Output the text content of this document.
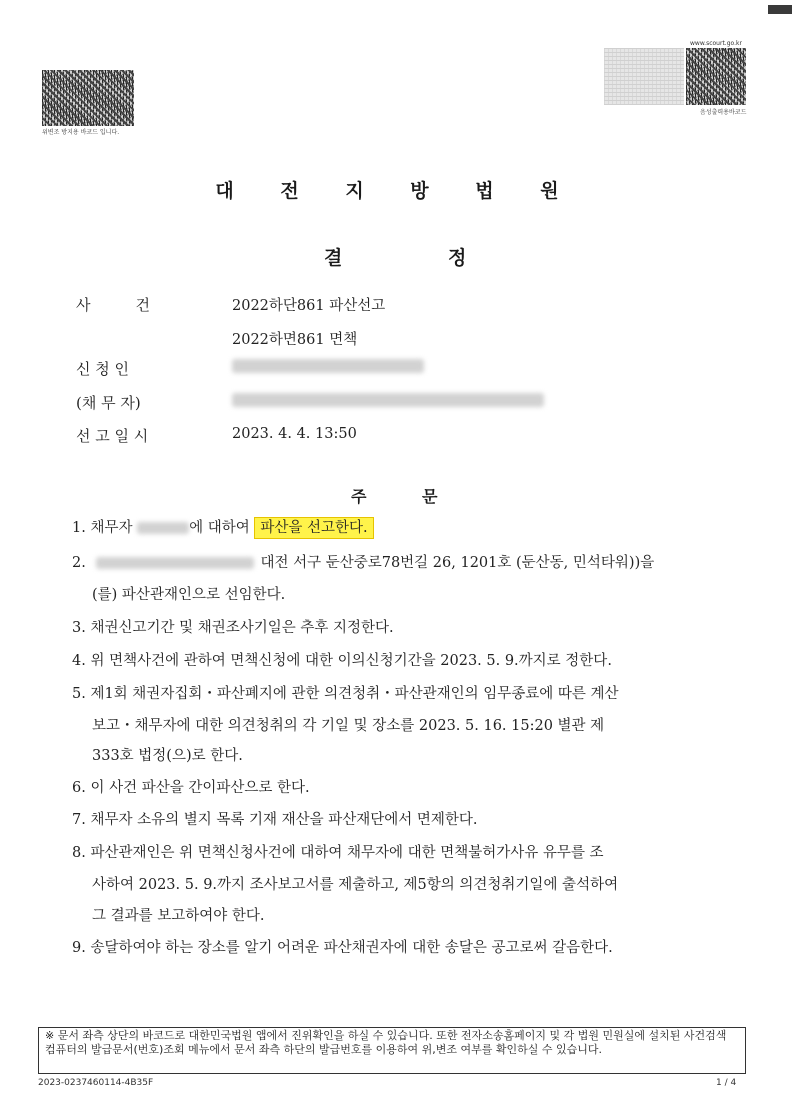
위변조 방지용 바코드 입니다.
www.scourt.go.kr
음성출력용바코드
대 전 지 방 법 원
결	정
사　　　건	2022하단861 파산선고
2022하면861 면책
신 청 인
(채 무 자)
선 고 일 시	2023. 4. 4. 13:50
주	문
1. 채무자	에 대하여 파산을 선고한다.
2.	대전 서구 둔산중로78번길 26, 1201호 (둔산동, 민석타워))을
(를) 파산관재인으로 선임한다.
3. 채권신고기간 및 채권조사기일은 추후 지정한다.
4. 위 면책사건에 관하여 면책신청에 대한 이의신청기간을 2023. 5. 9.까지로 정한다.
5. 제1회 채권자집회・파산폐지에 관한 의견청취・파산관재인의 임무종료에 따른 계산
보고・채무자에 대한 의견청취의 각 기일 및 장소를 2023. 5. 16. 15:20 별관 제
333호 법정(으)로 한다.
6. 이 사건 파산을 간이파산으로 한다.
7. 채무자 소유의 별지 목록 기재 재산을 파산재단에서 면제한다.
8. 파산관재인은 위 면책신청사건에 대하여 채무자에 대한 면책불허가사유 유무를 조
사하여 2023. 5. 9.까지 조사보고서를 제출하고, 제5항의 의견청취기일에 출석하여
그 결과를 보고하여야 한다.
9. 송달하여야 하는 장소를 알기 어려운 파산채권자에 대한 송달은 공고로써 갈음한다.
※ 문서 좌측 상단의 바코드로 대한민국법원 앱에서 진위확인을 하실 수 있습니다. 또한 전자소송홈페이지 및 각 법원 민원실에 설치된 사건검색 컴퓨터의 발급문서(번호)조회 메뉴에서 문서 좌측 하단의 발급번호를 이용하여 위,변조 여부를 확인하실 수 있습니다.
2023-0237460114-4B35F	1 / 4
